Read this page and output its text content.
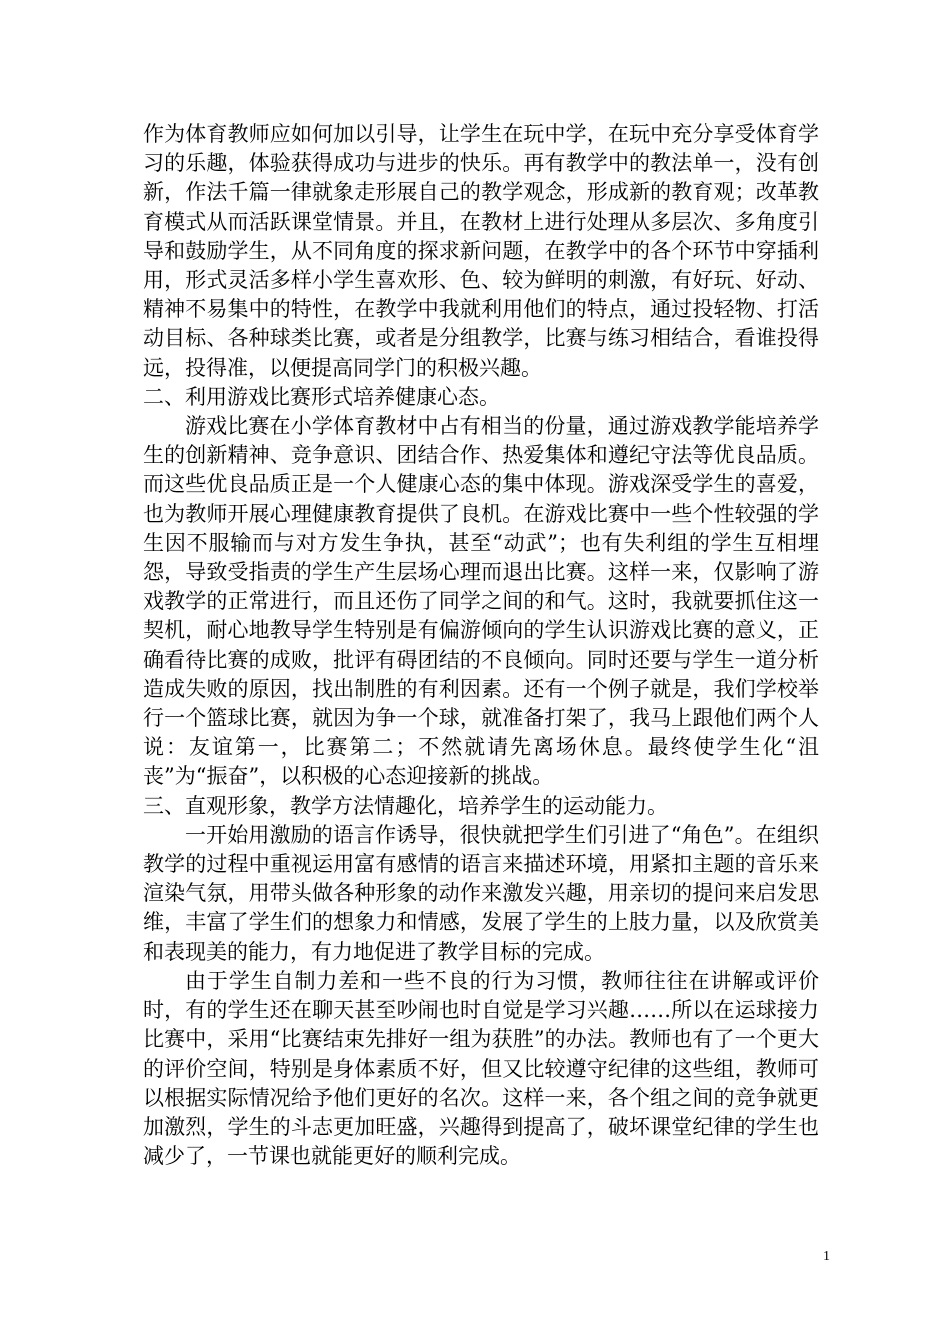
作为体育教师应如何加以引导，让学生在玩中学，在玩中充分享受体育学习的乐趣，体验获得成功与进步的快乐。再有教学中的教法单一，没有创新，作法千篇一律就象走形展自己的教学观念，形成新的教育观；改革教育模式从而活跃课堂情景。并且，在教材上进行处理从多层次、多角度引导和鼓励学生，从不同角度的探求新问题，在教学中的各个环节中穿插利用，形式灵活多样小学生喜欢形、色、较为鲜明的刺激，有好玩、好动、精神不易集中的特性，在教学中我就利用他们的特点，通过投轻物、打活动目标、各种球类比赛，或者是分组教学，比赛与练习相结合，看谁投得远，投得准，以便提高同学门的积极兴趣。

二、利用游戏比赛形式培养健康心态。

游戏比赛在小学体育教材中占有相当的份量，通过游戏教学能培养学生的创新精神、竞争意识、团结合作、热爱集体和遵纪守法等优良品质。而这些优良品质正是一个人健康心态的集中体现。游戏深受学生的喜爱，也为教师开展心理健康教育提供了良机。在游戏比赛中一些个性较强的学生因不服输而与对方发生争执，甚至“动武”；也有失利组的学生互相埋怨，导致受指责的学生产生层场心理而退出比赛。这样一来，仅影响了游戏教学的正常进行，而且还伤了同学之间的和气。这时，我就要抓住这一契机，耐心地教导学生特别是有偏游倾向的学生认识游戏比赛的意义，正确看待比赛的成败，批评有碍团结的不良倾向。同时还要与学生一道分析造成失败的原因，找出制胜的有利因素。还有一个例子就是，我们学校举行一个篮球比赛，就因为争一个球，就准备打架了，我马上跟他们两个人说：友谊第一，比赛第二；不然就请先离场休息。最终使学生化“沮丧”为“振奋”，以积极的心态迎接新的挑战。

三、直观形象，教学方法情趣化，培养学生的运动能力。

一开始用激励的语言作诱导，很快就把学生们引进了“角色”。在组织教学的过程中重视运用富有感情的语言来描述环境，用紧扣主题的音乐来渲染气氛，用带头做各种形象的动作来激发兴趣，用亲切的提问来启发思维，丰富了学生们的想象力和情感，发展了学生的上肢力量，以及欣赏美和表现美的能力，有力地促进了教学目标的完成。

由于学生自制力差和一些不良的行为习惯，教师往往在讲解或评价时，有的学生还在聊天甚至吵闹也时自觉是学习兴趣……所以在运球接力比赛中，采用“比赛结束先排好一组为获胜”的办法。教师也有了一个更大的评价空间，特别是身体素质不好，但又比较遵守纪律的这些组，教师可以根据实际情况给予他们更好的名次。这样一来，各个组之间的竞争就更加激烈，学生的斗志更加旺盛，兴趣得到提高了，破坏课堂纪律的学生也减少了，一节课也就能更好的顺利完成。

1
